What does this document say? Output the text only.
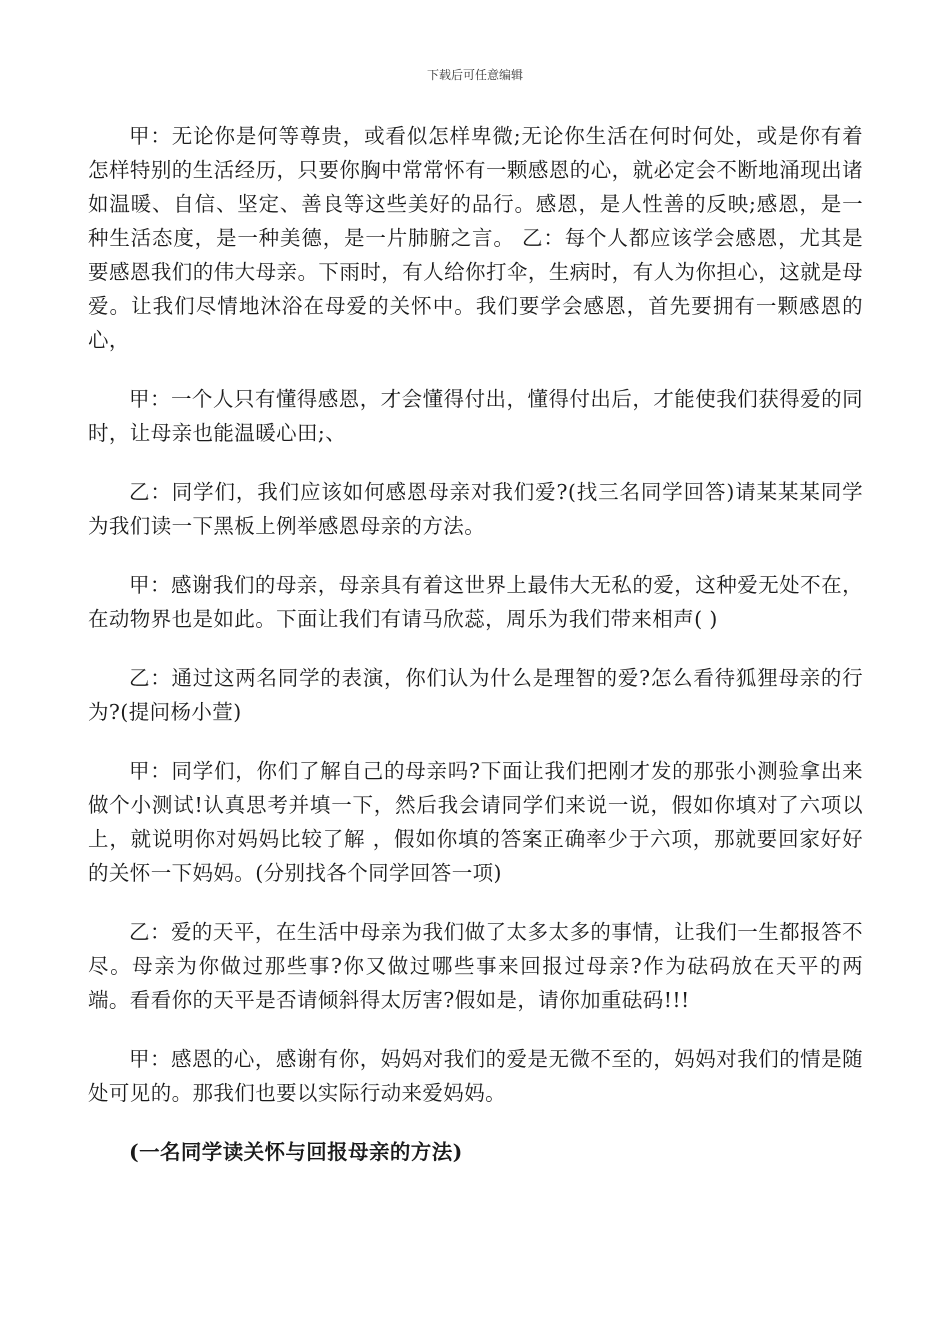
下载后可任意编辑

甲：无论你是何等尊贵，或看似怎样卑微;无论你生活在何时何处，或是你有着怎样特别的生活经历，只要你胸中常常怀有一颗感恩的心，就必定会不断地涌现出诸如温暖、自信、坚定、善良等这些美好的品行。感恩，是人性善的反映;感恩，是一种生活态度，是一种美德，是一片肺腑之言。 乙：每个人都应该学会感恩，尤其是要感恩我们的伟大母亲。下雨时，有人给你打伞，生病时，有人为你担心，这就是母爱。让我们尽情地沐浴在母爱的关怀中。我们要学会感恩，首先要拥有一颗感恩的心，

甲：一个人只有懂得感恩，才会懂得付出，懂得付出后，才能使我们获得爱的同时，让母亲也能温暖心田;、

乙：同学们，我们应该如何感恩母亲对我们爱?(找三名同学回答)请某某某同学为我们读一下黑板上例举感恩母亲的方法。

甲：感谢我们的母亲，母亲具有着这世界上最伟大无私的爱，这种爱无处不在，在动物界也是如此。下面让我们有请马欣蕊，周乐为我们带来相声( )

乙：通过这两名同学的表演，你们认为什么是理智的爱?怎么看待狐狸母亲的行为?(提问杨小萱)

甲：同学们，你们了解自己的母亲吗?下面让我们把刚才发的那张小测验拿出来做个小测试!认真思考并填一下，然后我会请同学们来说一说，假如你填对了六项以上，就说明你对妈妈比较了解 ，假如你填的答案正确率少于六项，那就要回家好好的关怀一下妈妈。(分别找各个同学回答一项)

乙：爱的天平，在生活中母亲为我们做了太多太多的事情，让我们一生都报答不尽。母亲为你做过那些事?你又做过哪些事来回报过母亲?作为砝码放在天平的两端。看看你的天平是否请倾斜得太厉害?假如是，请你加重砝码!!!

甲：感恩的心，感谢有你，妈妈对我们的爱是无微不至的，妈妈对我们的情是随处可见的。那我们也要以实际行动来爱妈妈。

(一名同学读关怀与回报母亲的方法)
